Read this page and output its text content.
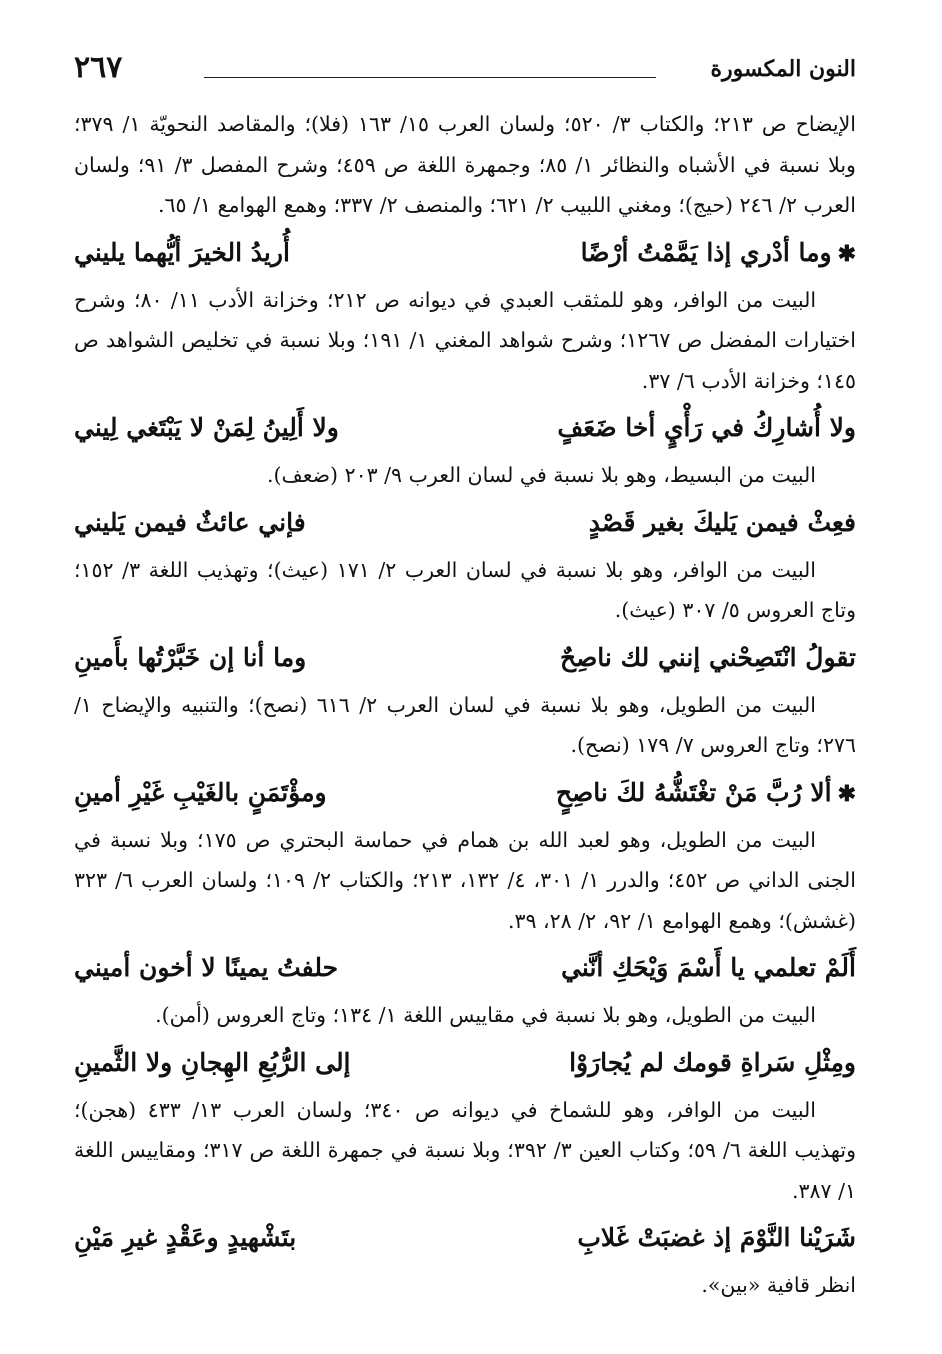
النون المكسورة
٢٦٧

الإيضاح ص ٢١٣؛ والكتاب ٣/ ٥٢٠؛ ولسان العرب ١٥/ ١٦٣ (فلا)؛ والمقاصد النحويّة ١/ ٣٧٩؛ وبلا نسبة في الأشباه والنظائر ١/ ٨٥؛ وجمهرة اللغة ص ٤٥٩؛ وشرح المفصل ٣/ ٩١؛ ولسان العرب ٢/ ٢٤٦ (حيج)؛ ومغني اللبيب ٢/ ٦٢١؛ والمنصف ٢/ ٣٣٧؛ وهمع الهوامع ١/ ٦٥.

✱
وما أدْري إذا يَمَّمْتُ أرْضًا
أُريدُ الخيرَ أيُّهما يليني

البيت من الوافر، وهو للمثقب العبدي في ديوانه ص ٢١٢؛ وخزانة الأدب ١١/ ٨٠؛ وشرح اختيارات المفضل ص ١٢٦٧؛ وشرح شواهد المغني ١/ ١٩١؛ وبلا نسبة في تخليص الشواهد ص ١٤٥؛ وخزانة الأدب ٦/ ٣٧.

ولا أُشارِكُ في رَأْيٍ أخا ضَعَفٍ
ولا أَلِينُ لِمَنْ لا يَبْتَغي لِيني

البيت من البسيط، وهو بلا نسبة في لسان العرب ٩/ ٢٠٣ (ضعف).

فعِثْ فيمن يَليكَ بغير قَصْدٍ
فإني عائثٌ فيمن يَليني

البيت من الوافر، وهو بلا نسبة في لسان العرب ٢/ ١٧١ (عيث)؛ وتهذيب اللغة ٣/ ١٥٢؛ وتاج العروس ٥/ ٣٠٧ (عيث).

تقولُ انْتَصِحْني إنني لك ناصِحٌ
وما أنا إن خَبَّرْتُها بأَمينِ

البيت من الطويل، وهو بلا نسبة في لسان العرب ٢/ ٦١٦ (نصح)؛ والتنبيه والإيضاح ١/ ٢٧٦؛ وتاج العروس ٧/ ١٧٩ (نصح).

✱
ألا رُبَّ مَنْ تغْتَشُّهُ لكَ ناصِحٍ
ومؤْتَمَنٍ بالغَيْبِ غَيْرِ أمينِ

البيت من الطويل، وهو لعبد الله بن همام في حماسة البحتري ص ١٧٥؛ وبلا نسبة في الجنى الداني ص ٤٥٢؛ والدرر ١/ ٣٠١، ٤/ ١٣٢، ٢١٣؛ والكتاب ٢/ ١٠٩؛ ولسان العرب ٦/ ٣٢٣ (غشش)؛ وهمع الهوامع ١/ ٩٢، ٢/ ٢٨، ٣٩.

أَلَمْ تعلمي يا أَسْمَ وَيْحَكِ أنَّني
حلفتُ يمينًا لا أخون أميني

البيت من الطويل، وهو بلا نسبة في مقاييس اللغة ١/ ١٣٤؛ وتاج العروس (أمن).

ومِثْلِ سَراةِ قومك لم يُجارَوْا
إلى الرُّبُعِ الهِجانِ ولا الثَّمينِ

البيت من الوافر، وهو للشماخ في ديوانه ص ٣٤٠؛ ولسان العرب ١٣/ ٤٣٣ (هجن)؛ وتهذيب اللغة ٦/ ٥٩؛ وكتاب العين ٣/ ٣٩٢؛ وبلا نسبة في جمهرة اللغة ص ٣١٧؛ ومقاييس اللغة ١/ ٣٨٧.

شَرَيْنا النَّوْمَ إذ غضبَتْ غَلابِ
بتَشْهيدٍ وعَقْدٍ غيرِ مَيْنِ

انظر قافية «بين».
